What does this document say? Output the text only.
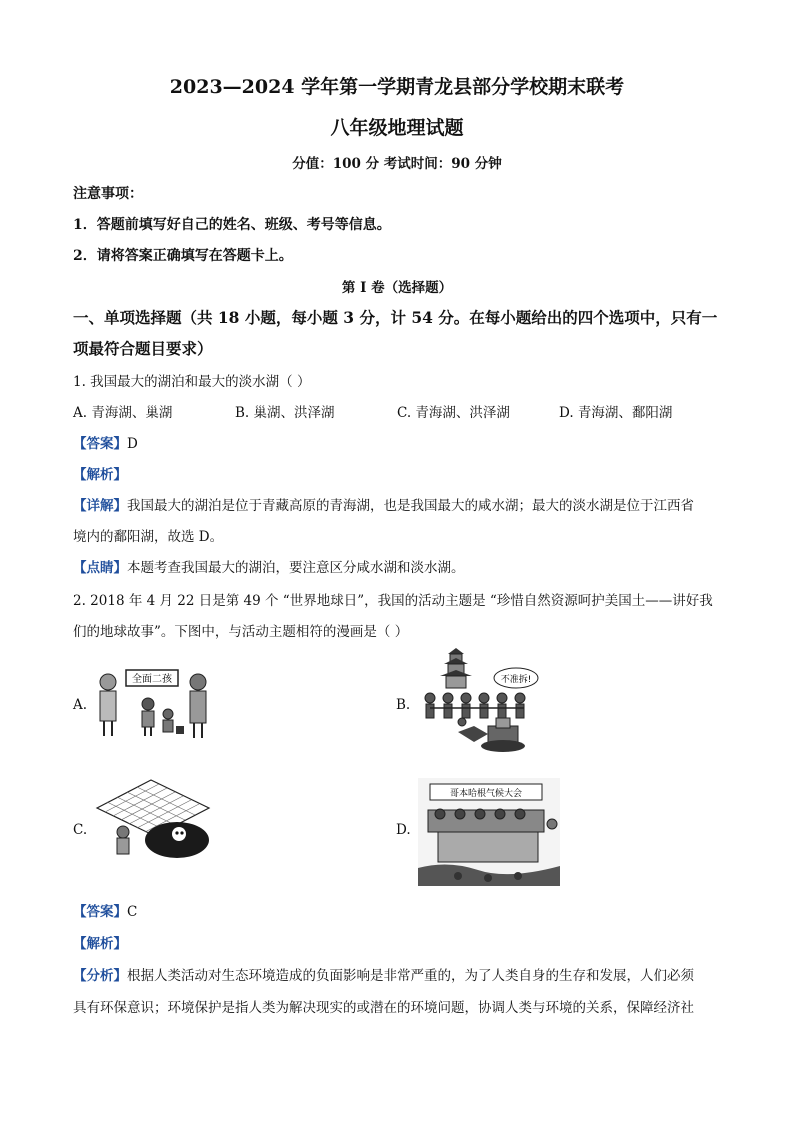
2023—2024 学年第一学期青龙县部分学校期末联考
八年级地理试题
分值：100 分 考试时间：90 分钟
注意事项：
1．答题前填写好自己的姓名、班级、考号等信息。
2．请将答案正确填写在答题卡上。
第 I 卷（选择题）
一、单项选择题（共 18 小题，每小题 3 分，计 54 分。在每小题给出的四个选项中，只有一
项最符合题目要求）
1. 我国最大的湖泊和最大的淡水湖（ ）
A. 青海湖、巢湖	B. 巢湖、洪泽湖	C. 青海湖、洪泽湖	D. 青海湖、鄱阳湖
【答案】D
【解析】
【详解】我国最大的湖泊是位于青藏高原的青海湖，也是我国最大的咸水湖；最大的淡水湖是位于江西省
境内的鄱阳湖，故选 D。
【点睛】本题考查我国最大的湖泊，要注意区分咸水湖和淡水湖。
2. 2018 年 4 月 22 日是第 49 个 “世界地球日”，我国的活动主题是 “珍惜自然资源呵护美国土——讲好我
们的地球故事”。下图中，与活动主题相符的漫画是（ ）
A.	B.
C.	D.
全面二孩	不准拆!
哥本哈根气候大会
【答案】C
【解析】
【分析】根据人类活动对生态环境造成的负面影响是非常严重的，为了人类自身的生存和发展，人们必须
具有环保意识；环境保护是指人类为解决现实的或潜在的环境问题，协调人类与环境的关系，保障经济社
